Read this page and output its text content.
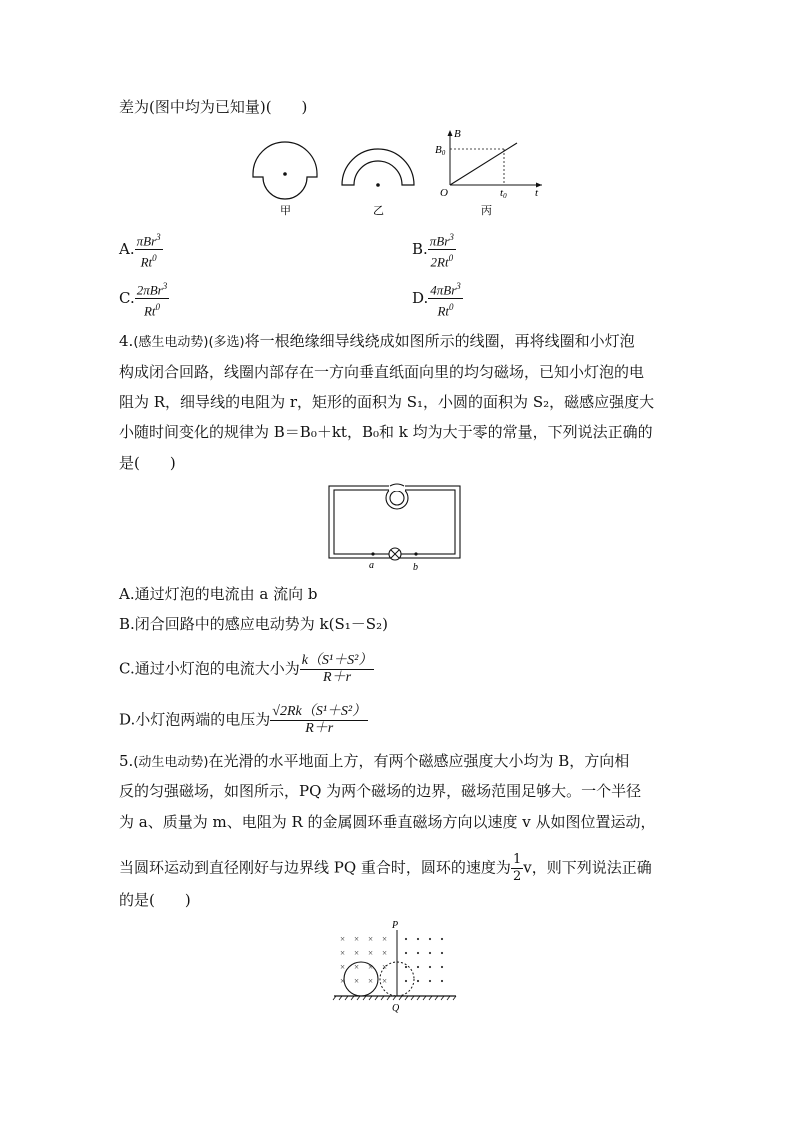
差为(图中均为已知量)(　　)
甲	乙
B
B0
O	t0	t
丙
A. $\frac{\pi Br^3}{Rt^0}$	B. $\frac{\pi Br^3}{2Rt^0}$
C. $\frac{2\pi Br^3}{Rt^0}$	D. $\frac{4\pi Br^3}{Rt^0}$
4.(感生电动势)(多选)将一根绝缘细导线绕成如图所示的线圈，再将线圈和小灯泡
构成闭合回路，线圈内部存在一方向垂直纸面向里的均匀磁场，已知小灯泡的电
阻为 R，细导线的电阻为 r，矩形的面积为 S₁，小圆的面积为 S₂，磁感应强度大
小随时间变化的规律为 B＝B₀＋kt，B₀和 k 均为大于零的常量，下列说法正确的
是(　　)
a	b
A.通过灯泡的电流由 a 流向 b
B.闭合回路中的感应电动势为 k(S₁－S₂)
C.通过小灯泡的电流大小为 $\frac{\text{k（S¹＋S²）}}{R+r}$
D.小灯泡两端的电压为 $\frac{\text{√2Rk（S¹＋S²）}}{R+r}$
5.(动生电动势)在光滑的水平地面上方，有两个磁感应强度大小均为 B，方向相
反的匀强磁场，如图所示，PQ 为两个磁场的边界，磁场范围足够大。一个半径
为 a、质量为 m、电阻为 R 的金属圆环垂直磁场方向以速度 v 从如图位置运动，
当圆环运动到直径刚好与边界线 PQ 重合时，圆环的速度为 $\frac{1}{2}$ v，则下列说法正确
的是(　　)
× × × ×
× × × ×
× × × ×
× × × ×
P
Q
